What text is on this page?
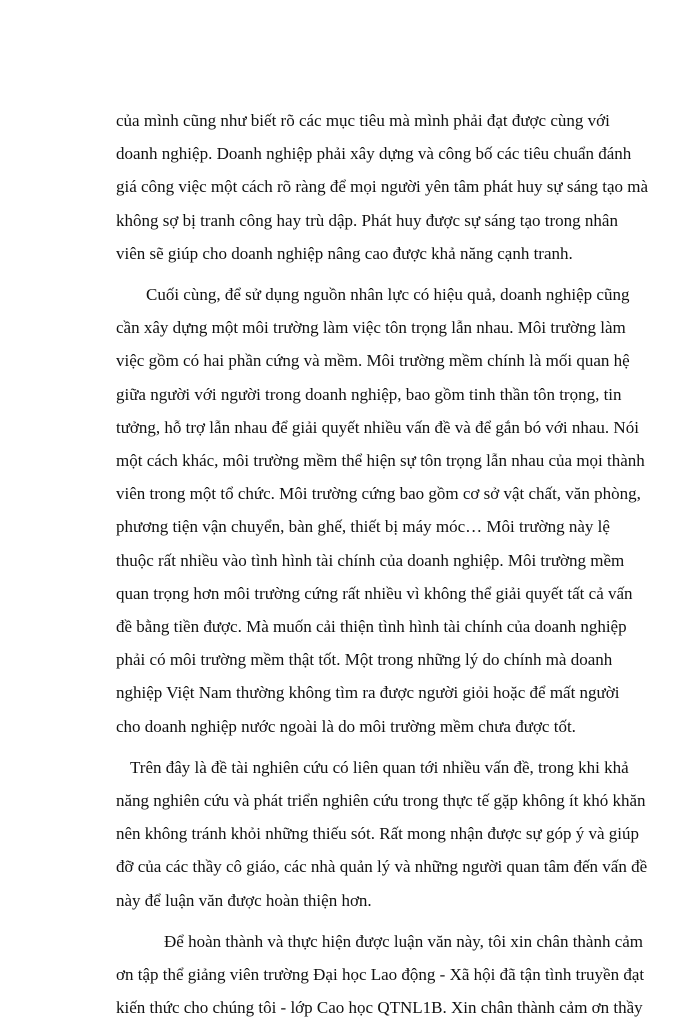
của mình cũng như biết rõ các mục tiêu mà mình phải đạt được cùng với
doanh nghiệp. Doanh nghiệp phải xây dựng và công bố các tiêu chuẩn đánh
giá công việc một cách rõ ràng để mọi người yên tâm phát huy sự sáng tạo mà
không sợ bị tranh công hay trù dập. Phát huy được sự sáng tạo trong nhân
viên sẽ giúp cho doanh nghiệp nâng cao được khả năng cạnh tranh.
Cuối cùng, để sử dụng nguồn nhân lực có hiệu quả, doanh nghiệp cũng
cần xây dựng một môi trường làm việc tôn trọng lẫn nhau. Môi trường làm
việc gồm có hai phần cứng và mềm. Môi trường mềm chính là mối quan hệ
giữa người với người trong doanh nghiệp, bao gồm tinh thần tôn trọng, tin
tưởng, hỗ trợ lẫn nhau để giải quyết nhiều vấn đề và để gắn bó với nhau. Nói
một cách khác, môi trường mềm thể hiện sự tôn trọng lẫn nhau của mọi thành
viên trong một tổ chức. Môi trường cứng bao gồm cơ sở vật chất, văn phòng,
phương tiện vận chuyển, bàn ghế, thiết bị máy móc… Môi trường này lệ
thuộc rất nhiều vào tình hình tài chính của doanh nghiệp. Môi trường mềm
quan trọng hơn môi trường cứng rất nhiều vì không thể giải quyết tất cả vấn
đề bằng tiền được. Mà muốn cải thiện tình hình tài chính của doanh nghiệp
phải có môi trường mềm thật tốt. Một trong những lý do chính mà doanh
nghiệp Việt Nam thường không tìm ra được người giỏi hoặc để mất người
cho doanh nghiệp nước ngoài là do môi trường mềm chưa được tốt.
Trên đây là đề tài nghiên cứu có liên quan tới nhiều vấn đề, trong khi khả
năng nghiên cứu và phát triển nghiên cứu trong thực tế gặp không ít khó khăn
nên không tránh khỏi những thiếu sót. Rất mong nhận được sự góp ý và giúp
đỡ của các thầy cô giáo, các nhà quản lý và những người quan tâm đến vấn đề
này để luận văn được hoàn thiện hơn.
Để hoàn thành và thực hiện được luận văn này, tôi xin chân thành cảm
ơn tập thể giảng viên trường Đại học Lao động - Xã hội đã tận tình truyền đạt
kiến thức cho chúng tôi - lớp Cao học QTNL1B. Xin chân thành cảm ơn thầy
